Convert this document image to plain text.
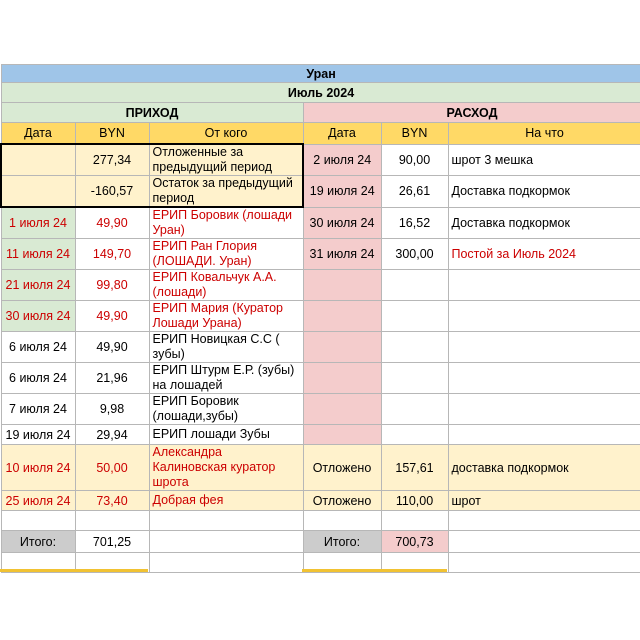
Уран					
Июль 2024					
ПРИХОД			РАСХОД		
Дата	BYN	От кого	Дата	BYN	На что
	277,34	Отложенные за предыдущий период	2 июля 24	90,00	шрот 3 мешка
	-160,57	Остаток за предыдущий период	19 июля 24	26,61	Доставка подкормок
1 июля 24	49,90	ЕРИП Боровик (лошади Уран)	30 июля 24	16,52	Доставка подкормок
11 июля 24	149,70	ЕРИП Ран Глория (ЛОШАДИ. Уран)	31 июля 24	300,00	Постой за Июль 2024
21 июля 24	99,80	ЕРИП Ковальчук А.А. (лошади)			
30 июля 24	49,90	ЕРИП Мария (Куратор Лошади Урана)			
6 июля 24	49,90	ЕРИП Новицкая С.С ( зубы)			
6 июля 24	21,96	ЕРИП Штурм Е.Р. (зубы) на лошадей			
7 июля 24	9,98	ЕРИП Боровик (лошади,зубы)			
19 июля 24	29,94	ЕРИП лошади Зубы			
10 июля 24	50,00	Александра Калиновская куратор шрота	Отложено	157,61	доставка подкормок
25 июля 24	73,40	Добрая фея	Отложено	110,00	шрот

Итого:	701,25		Итого:	700,73	
